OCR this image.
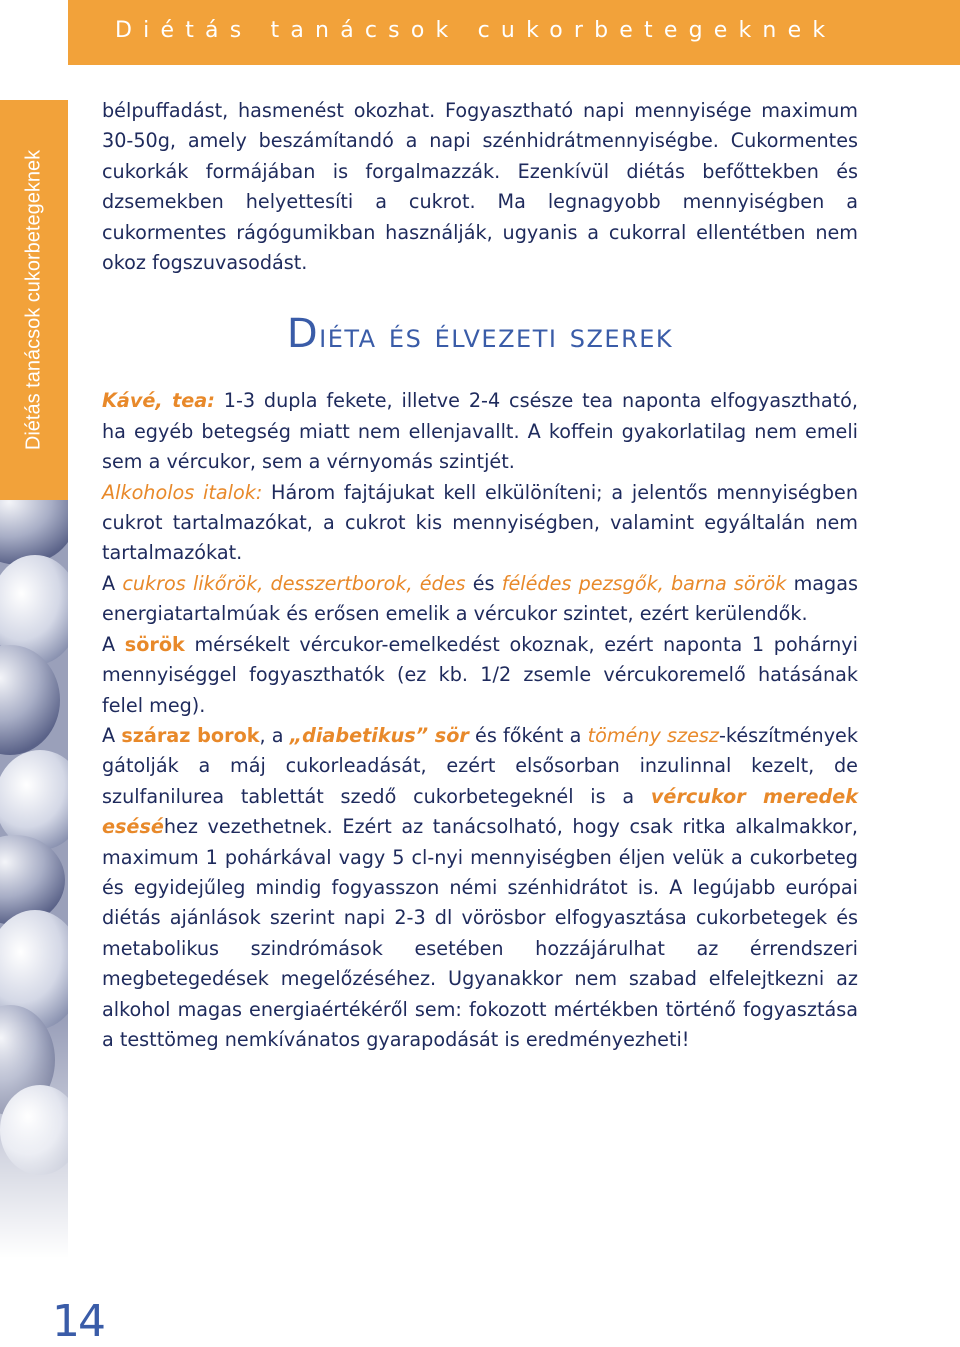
Diétás tanácsok cukorbetegeknek
Diétás tanácsok cukorbetegeknek
14

bélpuffadást, hasmenést okozhat. Fogyasztható napi mennyisége maximum 30-50g, amely beszámítandó a napi szénhidrátmennyiségbe. Cukormentes cukorkák formájában is forgalmazzák. Ezenkívül diétás befőttekben és dzsemekben helyettesíti a cukrot. Ma legnagyobb mennyiségben a cukormentes rágógumikban használják, ugyanis a cukorral ellentétben nem okoz fogszuvasodást.

Diéta és élvezeti szerek

Kávé, tea: 1-3 dupla fekete, illetve 2-4 csésze tea naponta elfogyasztható, ha egyéb betegség miatt nem ellenjavallt. A koffein gyakorlatilag nem emeli sem a vércukor, sem a vérnyomás szintjét.

Alkoholos italok: Három fajtájukat kell elkülöníteni; a jelentős mennyiségben cukrot tartalmazókat, a cukrot kis mennyiségben, valamint egyáltalán nem tartalmazókat.

A cukros likőrök, desszertborok, édes és félédes pezsgők, barna sörök magas energiatartalmúak és erősen emelik a vércukor szintet, ezért kerülendők.

A sörök mérsékelt vércukor-emelkedést okoznak, ezért naponta 1 pohárnyi mennyiséggel fogyaszthatók (ez kb. 1/2 zsemle vércukoremelő hatásának felel meg).

A száraz borok, a „diabetikus” sör és főként a tömény szesz-készítmények gátolják a máj cukorleadását, ezért elsősorban inzulinnal kezelt, de szulfanilurea tablettát szedő cukorbetegeknél is a vércukor meredek eséséhez vezethetnek. Ezért az tanácsolható, hogy csak ritka alkalmakkor, maximum 1 pohárkával vagy 5 cl-nyi mennyiségben éljen velük a cukorbeteg és egyidejűleg mindig fogyasszon némi szénhidrátot is. A legújabb európai diétás ajánlások szerint napi 2-3 dl vörösbor elfogyasztása cukorbetegek és metabolikus szindrómások esetében hozzájárulhat az érrendszeri megbetegedések megelőzéséhez. Ugyanakkor nem szabad elfelejtkezni az alkohol magas energiaértékéről sem: fokozott mértékben történő fogyasztása a testtömeg nemkívánatos gyarapodását is eredményezheti!
